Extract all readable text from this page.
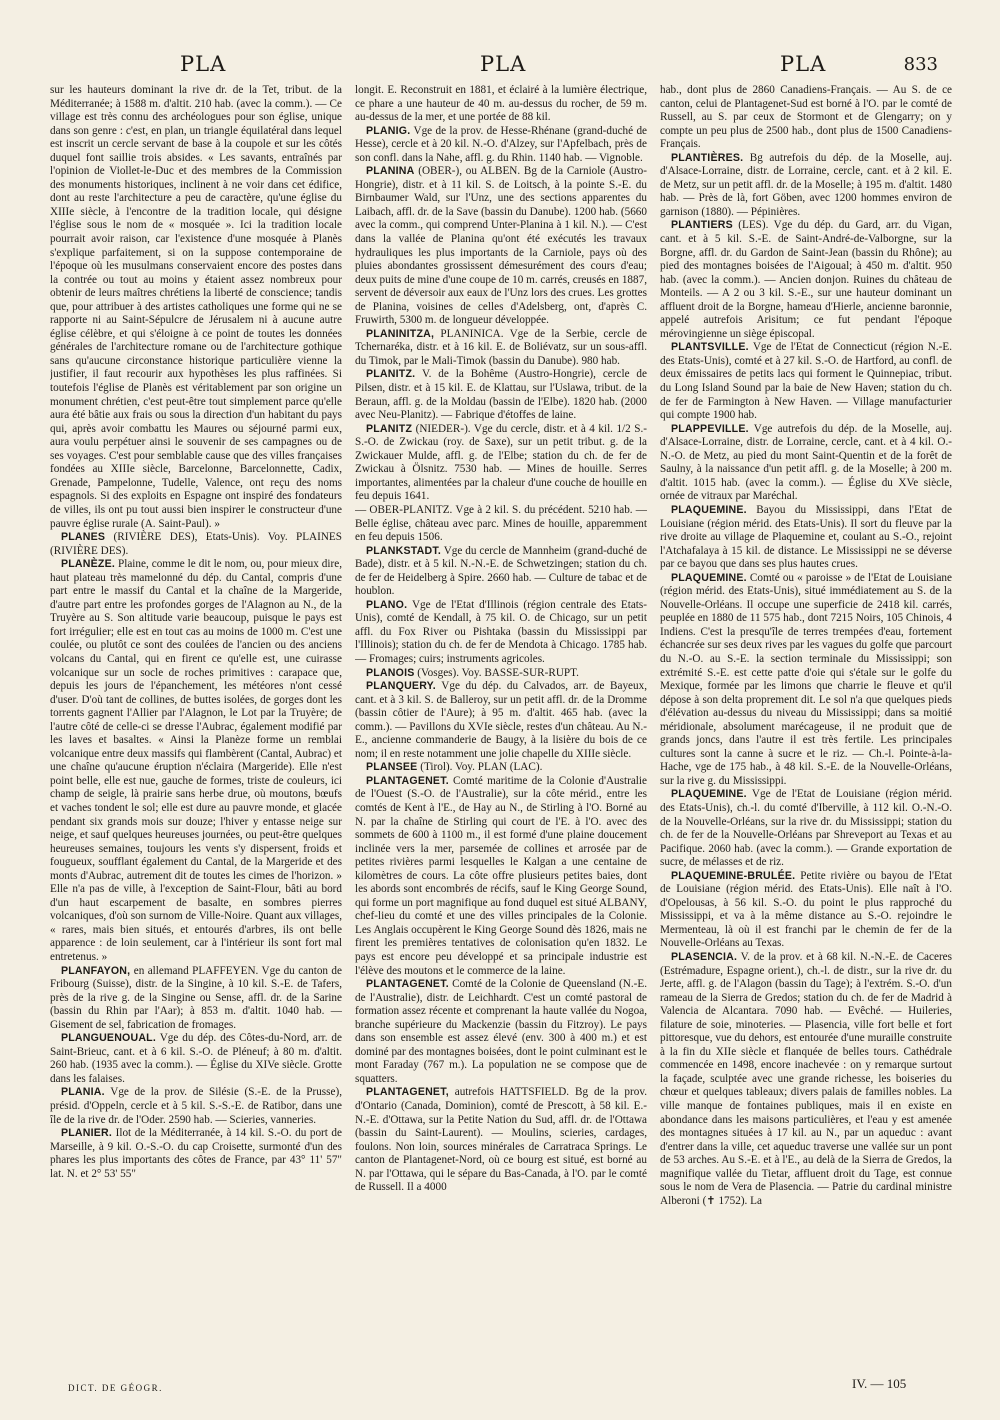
PLA	PLA	PLA	833

sur les hauteurs dominant la rive dr. de la Tet, tribut. de la Méditerranée; à 1588 m. d'altit. 210 hab. (avec la comm.). — Ce village est très connu des archéologues pour son église, unique dans son genre : c'est, en plan, un triangle équilatéral dans lequel est inscrit un cercle servant de base à la coupole et sur les côtés duquel font saillie trois absides. « Les savants, entraînés par l'opinion de Viollet-le-Duc et des membres de la Commission des monuments historiques, inclinent à ne voir dans cet édifice, dont au reste l'architecture a peu de caractère, qu'une église du XIIIe siècle, à l'encontre de la tradition locale, qui désigne l'église sous le nom de « mosquée ». Ici la tradition locale pourrait avoir raison, car l'existence d'une mosquée à Planès s'explique parfaitement, si on la suppose contemporaine de l'époque où les musulmans conservaient encore des postes dans la contrée ou tout au moins y étaient assez nombreux pour obtenir de leurs maîtres chrétiens la liberté de conscience; tandis que, pour attribuer à des artistes catholiques une forme qui ne se rapporte ni au Saint-Sépulcre de Jérusalem ni à aucune autre église célèbre, et qui s'éloigne à ce point de toutes les données générales de l'architecture romane ou de l'architecture gothique sans qu'aucune circonstance historique particulière vienne la justifier, il faut recourir aux hypothèses les plus raffinées. Si toutefois l'église de Planès est véritablement par son origine un monument chrétien, c'est peut-être tout simplement parce qu'elle aura été bâtie aux frais ou sous la direction d'un habitant du pays qui, après avoir combattu les Maures ou séjourné parmi eux, aura voulu perpétuer ainsi le souvenir de ses campagnes ou de ses voyages. C'est pour semblable cause que des villes françaises fondées au XIIIe siècle, Barcelonne, Barcelonnette, Cadix, Grenade, Pampelonne, Tudelle, Valence, ont reçu des noms espagnols. Si des exploits en Espagne ont inspiré des fondateurs de villes, ils ont pu tout aussi bien inspirer le constructeur d'une pauvre église rurale (A. Saint-Paul). »

PLANES (RIVIÈRE DES), Etats-Unis). Voy. PLAINES (RIVIÈRE DES).

PLANÈZE. Plaine, comme le dit le nom, ou, pour mieux dire, haut plateau très mamelonné du dép. du Cantal, compris d'une part entre le massif du Cantal et la chaîne de la Margeride, d'autre part entre les profondes gorges de l'Alagnon au N., de la Truyère au S. Son altitude varie beaucoup, puisque le pays est fort irrégulier; elle est en tout cas au moins de 1000 m. C'est une coulée, ou plutôt ce sont des coulées de l'ancien ou des anciens volcans du Cantal, qui en firent ce qu'elle est, une cuirasse volcanique sur un socle de roches primitives : carapace que, depuis les jours de l'épanchement, les météores n'ont cessé d'user. D'où tant de collines, de buttes isolées, de gorges dont les torrents gagnent l'Allier par l'Alagnon, le Lot par la Truyère; de l'autre côté de celle-ci se dresse l'Aubrac, également modifié par les laves et basaltes. « Ainsi la Planèze forme un remblai volcanique entre deux massifs qui flambèrent (Cantal, Aubrac) et une chaîne qu'aucune éruption n'éclaira (Margeride). Elle n'est point belle, elle est nue, gauche de formes, triste de couleurs, ici champ de seigle, là prairie sans herbe drue, où moutons, bœufs et vaches tondent le sol; elle est dure au pauvre monde, et glacée pendant six grands mois sur douze; l'hiver y entasse neige sur neige, et sauf quelques heureuses journées, ou peut-être quelques heureuses semaines, toujours les vents s'y dispersent, froids et fougueux, soufflant également du Cantal, de la Margeride et des monts d'Aubrac, autrement dit de toutes les cimes de l'horizon. » Elle n'a pas de ville, à l'exception de Saint-Flour, bâti au bord d'un haut escarpement de basalte, en sombres pierres volcaniques, d'où son surnom de Ville-Noire. Quant aux villages, « rares, mais bien situés, et entourés d'arbres, ils ont belle apparence : de loin seulement, car à l'intérieur ils sont fort mal entretenus. »

PLANFAYON, en allemand PLAFFEYEN. Vge du canton de Fribourg (Suisse), distr. de la Singine, à 10 kil. S.-E. de Tafers, près de la rive g. de la Singine ou Sense, affl. dr. de la Sarine (bassin du Rhin par l'Aar); à 853 m. d'altit. 1040 hab. — Gisement de sel, fabrication de fromages.

PLANGUENOUAL. Vge du dép. des Côtes-du-Nord, arr. de Saint-Brieuc, cant. et à 6 kil. S.-O. de Pléneuf; à 80 m. d'altit. 260 hab. (1935 avec la comm.). — Église du XIVe siècle. Grotte dans les falaises.

PLANIA. Vge de la prov. de Silésie (S.-E. de la Prusse), présid. d'Oppeln, cercle et à 5 kil. S.-S.-E. de Ratibor, dans une île de la rive dr. de l'Oder. 2590 hab. — Scieries, vanneries.

PLANIER. Ilot de la Méditerranée, à 14 kil. S.-O. du port de Marseille, à 9 kil. O.-S.-O. du cap Croisette, surmonté d'un des phares les plus importants des côtes de France, par 43° 11' 57" lat. N. et 2° 53' 55"

longit. E. Reconstruit en 1881, et éclairé à la lumière électrique, ce phare a une hauteur de 40 m. au-dessus du rocher, de 59 m. au-dessus de la mer, et une portée de 88 kil.

PLANIG. Vge de la prov. de Hesse-Rhénane (grand-duché de Hesse), cercle et à 20 kil. N.-O. d'Alzey, sur l'Apfelbach, près de son confl. dans la Nahe, affl. g. du Rhin. 1140 hab. — Vignoble.

PLANINA (OBER-), ou ALBEN. Bg de la Carniole (Austro-Hongrie), distr. et à 11 kil. S. de Loitsch, à la pointe S.-E. du Birnbaumer Wald, sur l'Unz, une des sections apparentes du Laibach, affl. dr. de la Save (bassin du Danube). 1200 hab. (5660 avec la comm., qui comprend Unter-Planina à 1 kil. N.). — C'est dans la vallée de Planina qu'ont été exécutés les travaux hydrauliques les plus importants de la Carniole, pays où des pluies abondantes grossissent démesurément des cours d'eau; deux puits de mine d'une coupe de 10 m. carrés, creusés en 1887, servent de déversoir aux eaux de l'Unz lors des crues. Les grottes de Planina, voisines de celles d'Adelsberg, ont, d'après C. Fruwirth, 5300 m. de longueur développée.

PLANINITZA, PLANINICA. Vge de la Serbie, cercle de Tchernaréka, distr. et à 16 kil. E. de Boliévatz, sur un sous-affl. du Timok, par le Mali-Timok (bassin du Danube). 980 hab.

PLANITZ. V. de la Bohême (Austro-Hongrie), cercle de Pilsen, distr. et à 15 kil. E. de Klattau, sur l'Uslawa, tribut. de la Beraun, affl. g. de la Moldau (bassin de l'Elbe). 1820 hab. (2000 avec Neu-Planitz). — Fabrique d'étoffes de laine.

PLANITZ (NIEDER-). Vge du cercle, distr. et à 4 kil. 1/2 S.-S.-O. de Zwickau (roy. de Saxe), sur un petit tribut. g. de la Zwickauer Mulde, affl. g. de l'Elbe; station du ch. de fer de Zwickau à Ölsnitz. 7530 hab. — Mines de houille. Serres importantes, alimentées par la chaleur d'une couche de houille en feu depuis 1641.

— OBER-PLANITZ. Vge à 2 kil. S. du précédent. 5210 hab. — Belle église, château avec parc. Mines de houille, apparemment en feu depuis 1506.

PLANKSTADT. Vge du cercle de Mannheim (grand-duché de Bade), distr. et à 5 kil. N.-N.-E. de Schwetzingen; station du ch. de fer de Heidelberg à Spire. 2660 hab. — Culture de tabac et de houblon.

PLANO. Vge de l'Etat d'Illinois (région centrale des Etats-Unis), comté de Kendall, à 75 kil. O. de Chicago, sur un petit affl. du Fox River ou Pishtaka (bassin du Mississippi par l'Illinois); station du ch. de fer de Mendota à Chicago. 1785 hab. — Fromages; cuirs; instruments agricoles.

PLANOIS (Vosges). Voy. BASSE-SUR-RUPT.

PLANQUERY. Vge du dép. du Calvados, arr. de Bayeux, cant. et à 3 kil. S. de Balleroy, sur un petit affl. dr. de la Dromme (bassin côtier de l'Aure); à 95 m. d'altit. 465 hab. (avec la comm.). — Pavillons du XVIe siècle, restes d'un château. Au N.-E., ancienne commanderie de Baugy, à la lisière du bois de ce nom; il en reste notamment une jolie chapelle du XIIIe siècle.

PLANSEE (Tirol). Voy. PLAN (LAC).

PLANTAGENET. Comté maritime de la Colonie d'Australie de l'Ouest (S.-O. de l'Australie), sur la côte mérid., entre les comtés de Kent à l'E., de Hay au N., de Stirling à l'O. Borné au N. par la chaîne de Stirling qui court de l'E. à l'O. avec des sommets de 600 à 1100 m., il est formé d'une plaine doucement inclinée vers la mer, parsemée de collines et arrosée par de petites rivières parmi lesquelles le Kalgan a une centaine de kilomètres de cours. La côte offre plusieurs petites baies, dont les abords sont encombrés de récifs, sauf le King George Sound, qui forme un port magnifique au fond duquel est situé ALBANY, chef-lieu du comté et une des villes principales de la Colonie. Les Anglais occupèrent le King George Sound dès 1826, mais ne firent les premières tentatives de colonisation qu'en 1832. Le pays est encore peu développé et sa principale industrie est l'élève des moutons et le commerce de la laine.

PLANTAGENET. Comté de la Colonie de Queensland (N.-E. de l'Australie), distr. de Leichhardt. C'est un comté pastoral de formation assez récente et comprenant la haute vallée du Nogoa, branche supérieure du Mackenzie (bassin du Fitzroy). Le pays dans son ensemble est assez élevé (env. 300 à 400 m.) et est dominé par des montagnes boisées, dont le point culminant est le mont Faraday (767 m.). La population ne se compose que de squatters.

PLANTAGENET, autrefois HATTSFIELD. Bg de la prov. d'Ontario (Canada, Dominion), comté de Prescott, à 58 kil. E.-N.-E. d'Ottawa, sur la Petite Nation du Sud, affl. dr. de l'Ottawa (bassin du Saint-Laurent). — Moulins, scieries, cardages, foulons. Non loin, sources minérales de Carratraca Springs. Le canton de Plantagenet-Nord, où ce bourg est situé, est borné au N. par l'Ottawa, qui le sépare du Bas-Canada, à l'O. par le comté de Russell. Il a 4000

hab., dont plus de 2860 Canadiens-Français. — Au S. de ce canton, celui de Plantagenet-Sud est borné à l'O. par le comté de Russell, au S. par ceux de Stormont et de Glengarry; on y compte un peu plus de 2500 hab., dont plus de 1500 Canadiens-Français.

PLANTIÈRES. Bg autrefois du dép. de la Moselle, auj. d'Alsace-Lorraine, distr. de Lorraine, cercle, cant. et à 2 kil. E. de Metz, sur un petit affl. dr. de la Moselle; à 195 m. d'altit. 1480 hab. — Près de là, fort Göben, avec 1200 hommes environ de garnison (1880). — Pépinières.

PLANTIERS (LES). Vge du dép. du Gard, arr. du Vigan, cant. et à 5 kil. S.-E. de Saint-André-de-Valborgne, sur la Borgne, affl. dr. du Gardon de Saint-Jean (bassin du Rhône); au pied des montagnes boisées de l'Aigoual; à 450 m. d'altit. 950 hab. (avec la comm.). — Ancien donjon. Ruines du château de Monteils. — A 2 ou 3 kil. S.-E., sur une hauteur dominant un affluent droit de la Borgne, hameau d'Hierle, ancienne baronnie, appelé autrefois Arisitum; ce fut pendant l'époque mérovingienne un siège épiscopal.

PLANTSVILLE. Vge de l'Etat de Connecticut (région N.-E. des Etats-Unis), comté et à 27 kil. S.-O. de Hartford, au confl. de deux émissaires de petits lacs qui forment le Quinnepiac, tribut. du Long Island Sound par la baie de New Haven; station du ch. de fer de Farmington à New Haven. — Village manufacturier qui compte 1900 hab.

PLAPPEVILLE. Vge autrefois du dép. de la Moselle, auj. d'Alsace-Lorraine, distr. de Lorraine, cercle, cant. et à 4 kil. O.-N.-O. de Metz, au pied du mont Saint-Quentin et de la forêt de Saulny, à la naissance d'un petit affl. g. de la Moselle; à 200 m. d'altit. 1015 hab. (avec la comm.). — Église du XVe siècle, ornée de vitraux par Maréchal.

PLAQUEMINE. Bayou du Mississippi, dans l'Etat de Louisiane (région mérid. des Etats-Unis). Il sort du fleuve par la rive droite au village de Plaquemine et, coulant au S.-O., rejoint l'Atchafalaya à 15 kil. de distance. Le Mississippi ne se déverse par ce bayou que dans ses plus hautes crues.

PLAQUEMINE. Comté ou « paroisse » de l'Etat de Louisiane (région mérid. des Etats-Unis), situé immédiatement au S. de la Nouvelle-Orléans. Il occupe une superficie de 2418 kil. carrés, peuplée en 1880 de 11 575 hab., dont 7215 Noirs, 105 Chinois, 4 Indiens. C'est la presqu'île de terres trempées d'eau, fortement échancrée sur ses deux rives par les vagues du golfe que parcourt du N.-O. au S.-E. la section terminale du Mississippi; son extrémité S.-E. est cette patte d'oie qui s'étale sur le golfe du Mexique, formée par les limons que charrie le fleuve et qu'il dépose à son delta proprement dit. Le sol n'a que quelques pieds d'élévation au-dessus du niveau du Mississippi; dans sa moitié méridionale, absolument marécageuse, il ne produit que de grands joncs, dans l'autre il est très fertile. Les principales cultures sont la canne à sucre et le riz. — Ch.-l. Pointe-à-la-Hache, vge de 175 hab., à 48 kil. S.-E. de la Nouvelle-Orléans, sur la rive g. du Mississippi.

PLAQUEMINE. Vge de l'Etat de Louisiane (région mérid. des Etats-Unis), ch.-l. du comté d'Iberville, à 112 kil. O.-N.-O. de la Nouvelle-Orléans, sur la rive dr. du Mississippi; station du ch. de fer de la Nouvelle-Orléans par Shreveport au Texas et au Pacifique. 2060 hab. (avec la comm.). — Grande exportation de sucre, de mélasses et de riz.

PLAQUEMINE-BRULÉE. Petite rivière ou bayou de l'Etat de Louisiane (région mérid. des Etats-Unis). Elle naît à l'O. d'Opelousas, à 56 kil. S.-O. du point le plus rapproché du Mississippi, et va à la même distance au S.-O. rejoindre le Mermenteau, là où il est franchi par le chemin de fer de la Nouvelle-Orléans au Texas.

PLASENCIA. V. de la prov. et à 68 kil. N.-N.-E. de Caceres (Estrémadure, Espagne orient.), ch.-l. de distr., sur la rive dr. du Jerte, affl. g. de l'Alagon (bassin du Tage); à l'extrém. S.-O. d'un rameau de la Sierra de Gredos; station du ch. de fer de Madrid à Valencia de Alcantara. 7090 hab. — Evêché. — Huileries, filature de soie, minoteries. — Plasencia, ville fort belle et fort pittoresque, vue du dehors, est entourée d'une muraille construite à la fin du XIIe siècle et flanquée de belles tours. Cathédrale commencée en 1498, encore inachevée : on y remarque surtout la façade, sculptée avec une grande richesse, les boiseries du chœur et quelques tableaux; divers palais de familles nobles. La ville manque de fontaines publiques, mais il en existe en abondance dans les maisons particulières, et l'eau y est amenée des montagnes situées à 17 kil. au N., par un aqueduc : avant d'entrer dans la ville, cet aqueduc traverse une vallée sur un pont de 53 arches. Au S.-E. et à l'E., au delà de la Sierra de Gredos, la magnifique vallée du Tietar, affluent droit du Tage, est connue sous le nom de Vera de Plasencia. — Patrie du cardinal ministre Alberoni (✝ 1752). La

DICT. DE GÉOGR.	IV. — 105
